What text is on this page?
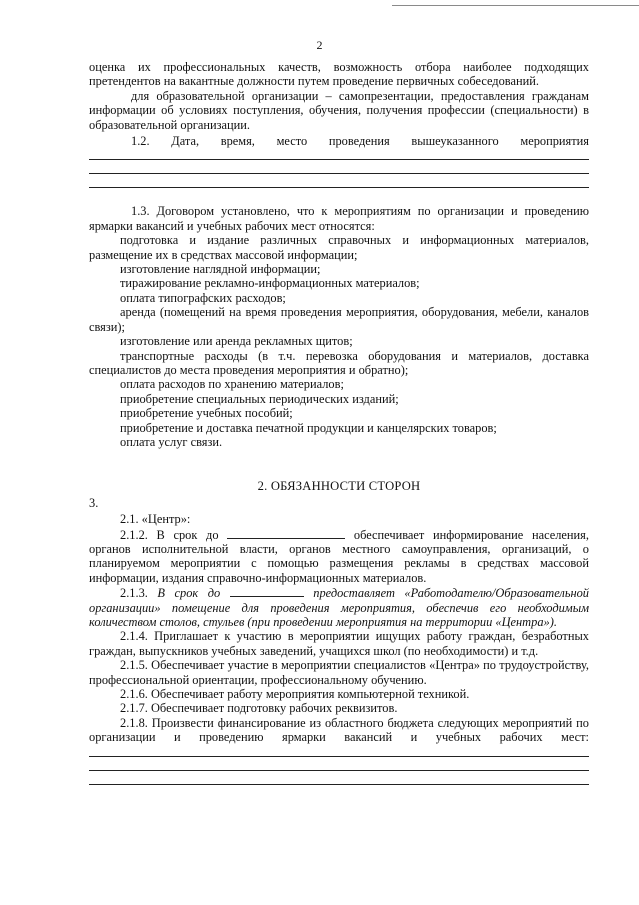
2

оценка их профессиональных качеств, возможность отбора наиболее подходящих претендентов на вакантные должности путем проведение первичных собеседований.

для образовательной организации – самопрезентации, предоставления гражданам информации об условиях поступления, обучения, получения профессии (специальности) в образовательной организации.

1.2. Дата, время, место проведения вышеуказанного мероприятия

1.3. Договором установлено, что к мероприятиям по организации и проведению ярмарки вакансий и учебных рабочих мест относятся:

подготовка и издание различных справочных и информационных материалов, размещение их в средствах массовой информации;

изготовление наглядной информации;

тиражирование рекламно-информационных материалов;

оплата типографских расходов;

аренда (помещений на время проведения мероприятия, оборудования, мебели, каналов связи);

изготовление или аренда рекламных щитов;

транспортные расходы (в т.ч. перевозка оборудования и материалов, доставка специалистов до места проведения мероприятия и обратно);

оплата расходов по хранению материалов;

приобретение специальных периодических изданий;

приобретение учебных пособий;

приобретение и доставка печатной продукции и канцелярских товаров;

оплата услуг связи.

2. ОБЯЗАННОСТИ СТОРОН

3.

2.1. «Центр»:

2.1.2. В срок до	обеспечивает информирование населения, органов исполнительной власти, органов местного самоуправления, организаций, о планируемом мероприятии с помощью размещения рекламы в средствах массовой информации, издания справочно-информационных материалов.

2.1.3. В срок до	предоставляет «Работодателю/Образовательной организации» помещение для проведения мероприятия, обеспечив его необходимым количеством столов, стульев (при проведении мероприятия на территории «Центра»).

2.1.4. Приглашает к участию в мероприятии ищущих работу граждан, безработных граждан, выпускников учебных заведений, учащихся школ (по необходимости) и т.д.

2.1.5. Обеспечивает участие в мероприятии специалистов «Центра» по трудоустройству, профессиональной ориентации, профессиональному обучению.

2.1.6. Обеспечивает работу мероприятия компьютерной техникой.

2.1.7. Обеспечивает подготовку рабочих реквизитов.

2.1.8. Произвести финансирование из областного бюджета следующих мероприятий по организации и проведению ярмарки вакансий и учебных рабочих мест:
